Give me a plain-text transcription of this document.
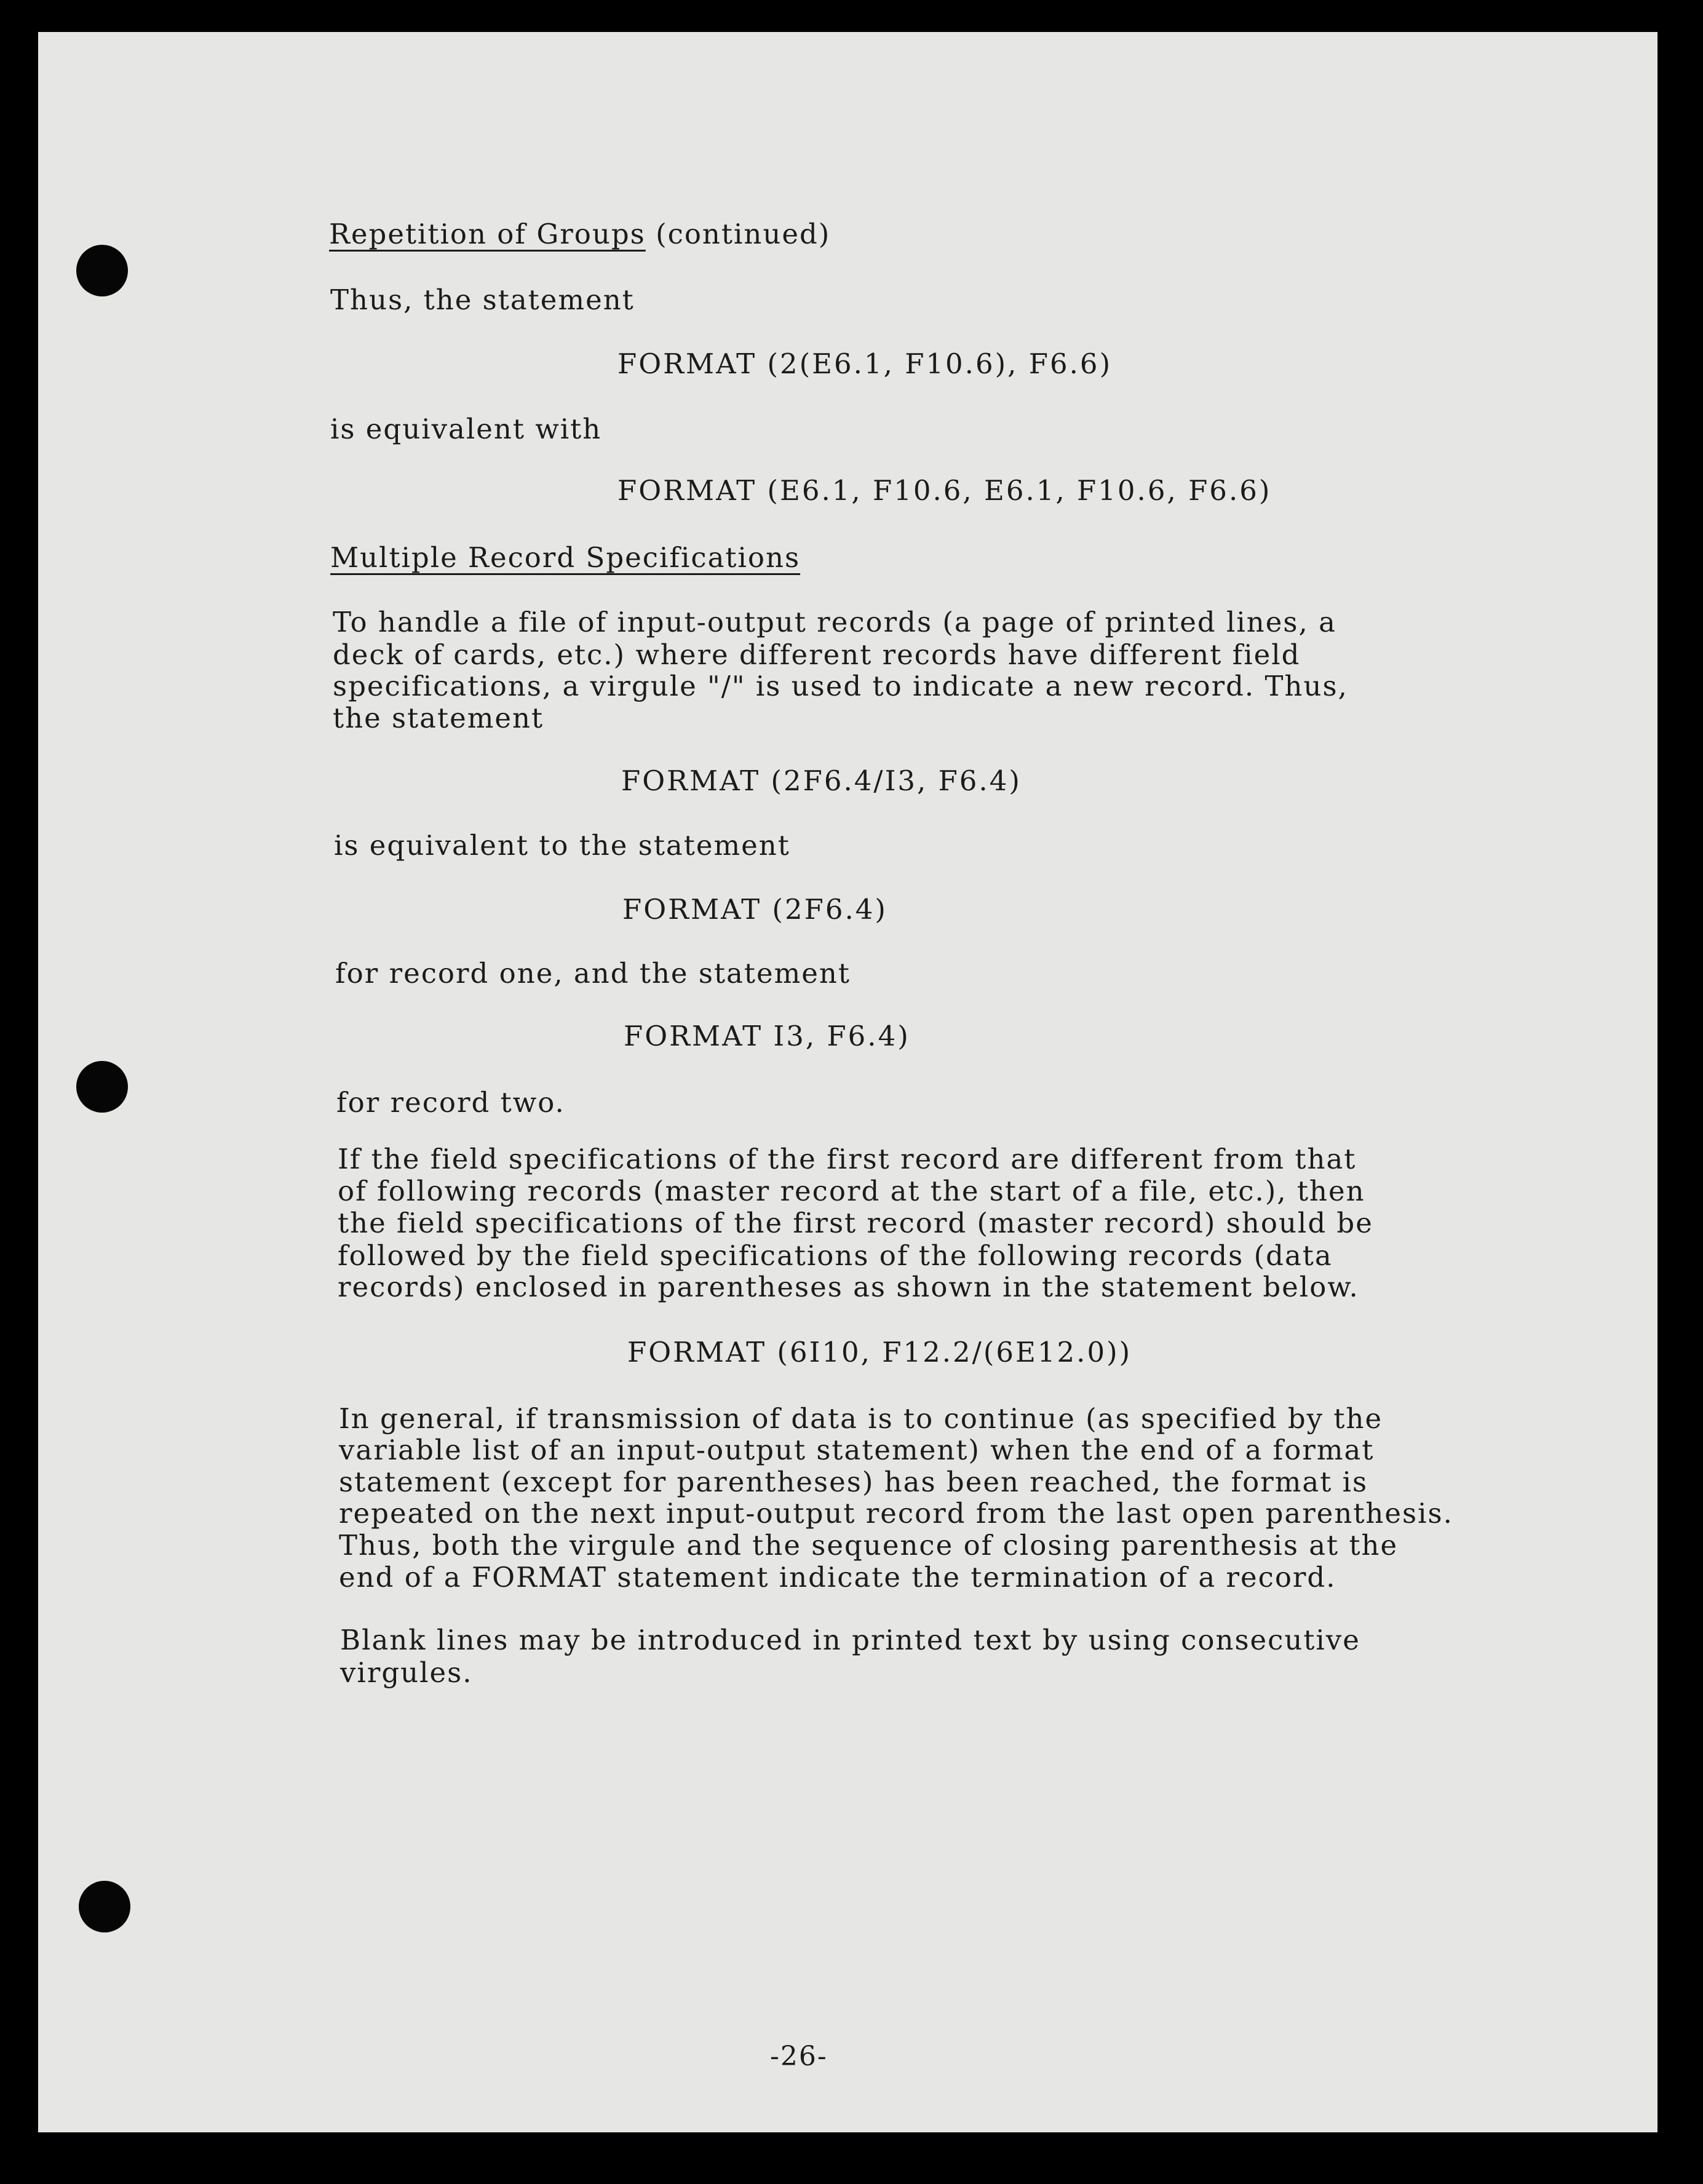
Repetition of Groups (continued)

Thus, the statement

FORMAT (2(E6.1, F10.6), F6.6)

is equivalent with

FORMAT (E6.1, F10.6, E6.1, F10.6, F6.6)

Multiple Record Specifications

To handle a file of input-output records (a page of printed lines, a

deck of cards, etc.) where different records have different field

specifications, a virgule "/" is used to indicate a new record. Thus,

the statement

FORMAT (2F6.4/I3, F6.4)

is equivalent to the statement

FORMAT (2F6.4)

for record one, and the statement

FORMAT I3, F6.4)

for record two.

If the field specifications of the first record are different from that

of following records (master record at the start of a file, etc.), then

the field specifications of the first record (master record) should be

followed by the field specifications of the following records (data

records) enclosed in parentheses as shown in the statement below.

FORMAT (6I10, F12.2/(6E12.0))

In general, if transmission of data is to continue (as specified by the

variable list of an input-output statement) when the end of a format

statement (except for parentheses) has been reached, the format is

repeated on the next input-output record from the last open parenthesis.

Thus, both the virgule and the sequence of closing parenthesis at the

end of a FORMAT statement indicate the termination of a record.

Blank lines may be introduced in printed text by using consecutive

virgules.

-26-
